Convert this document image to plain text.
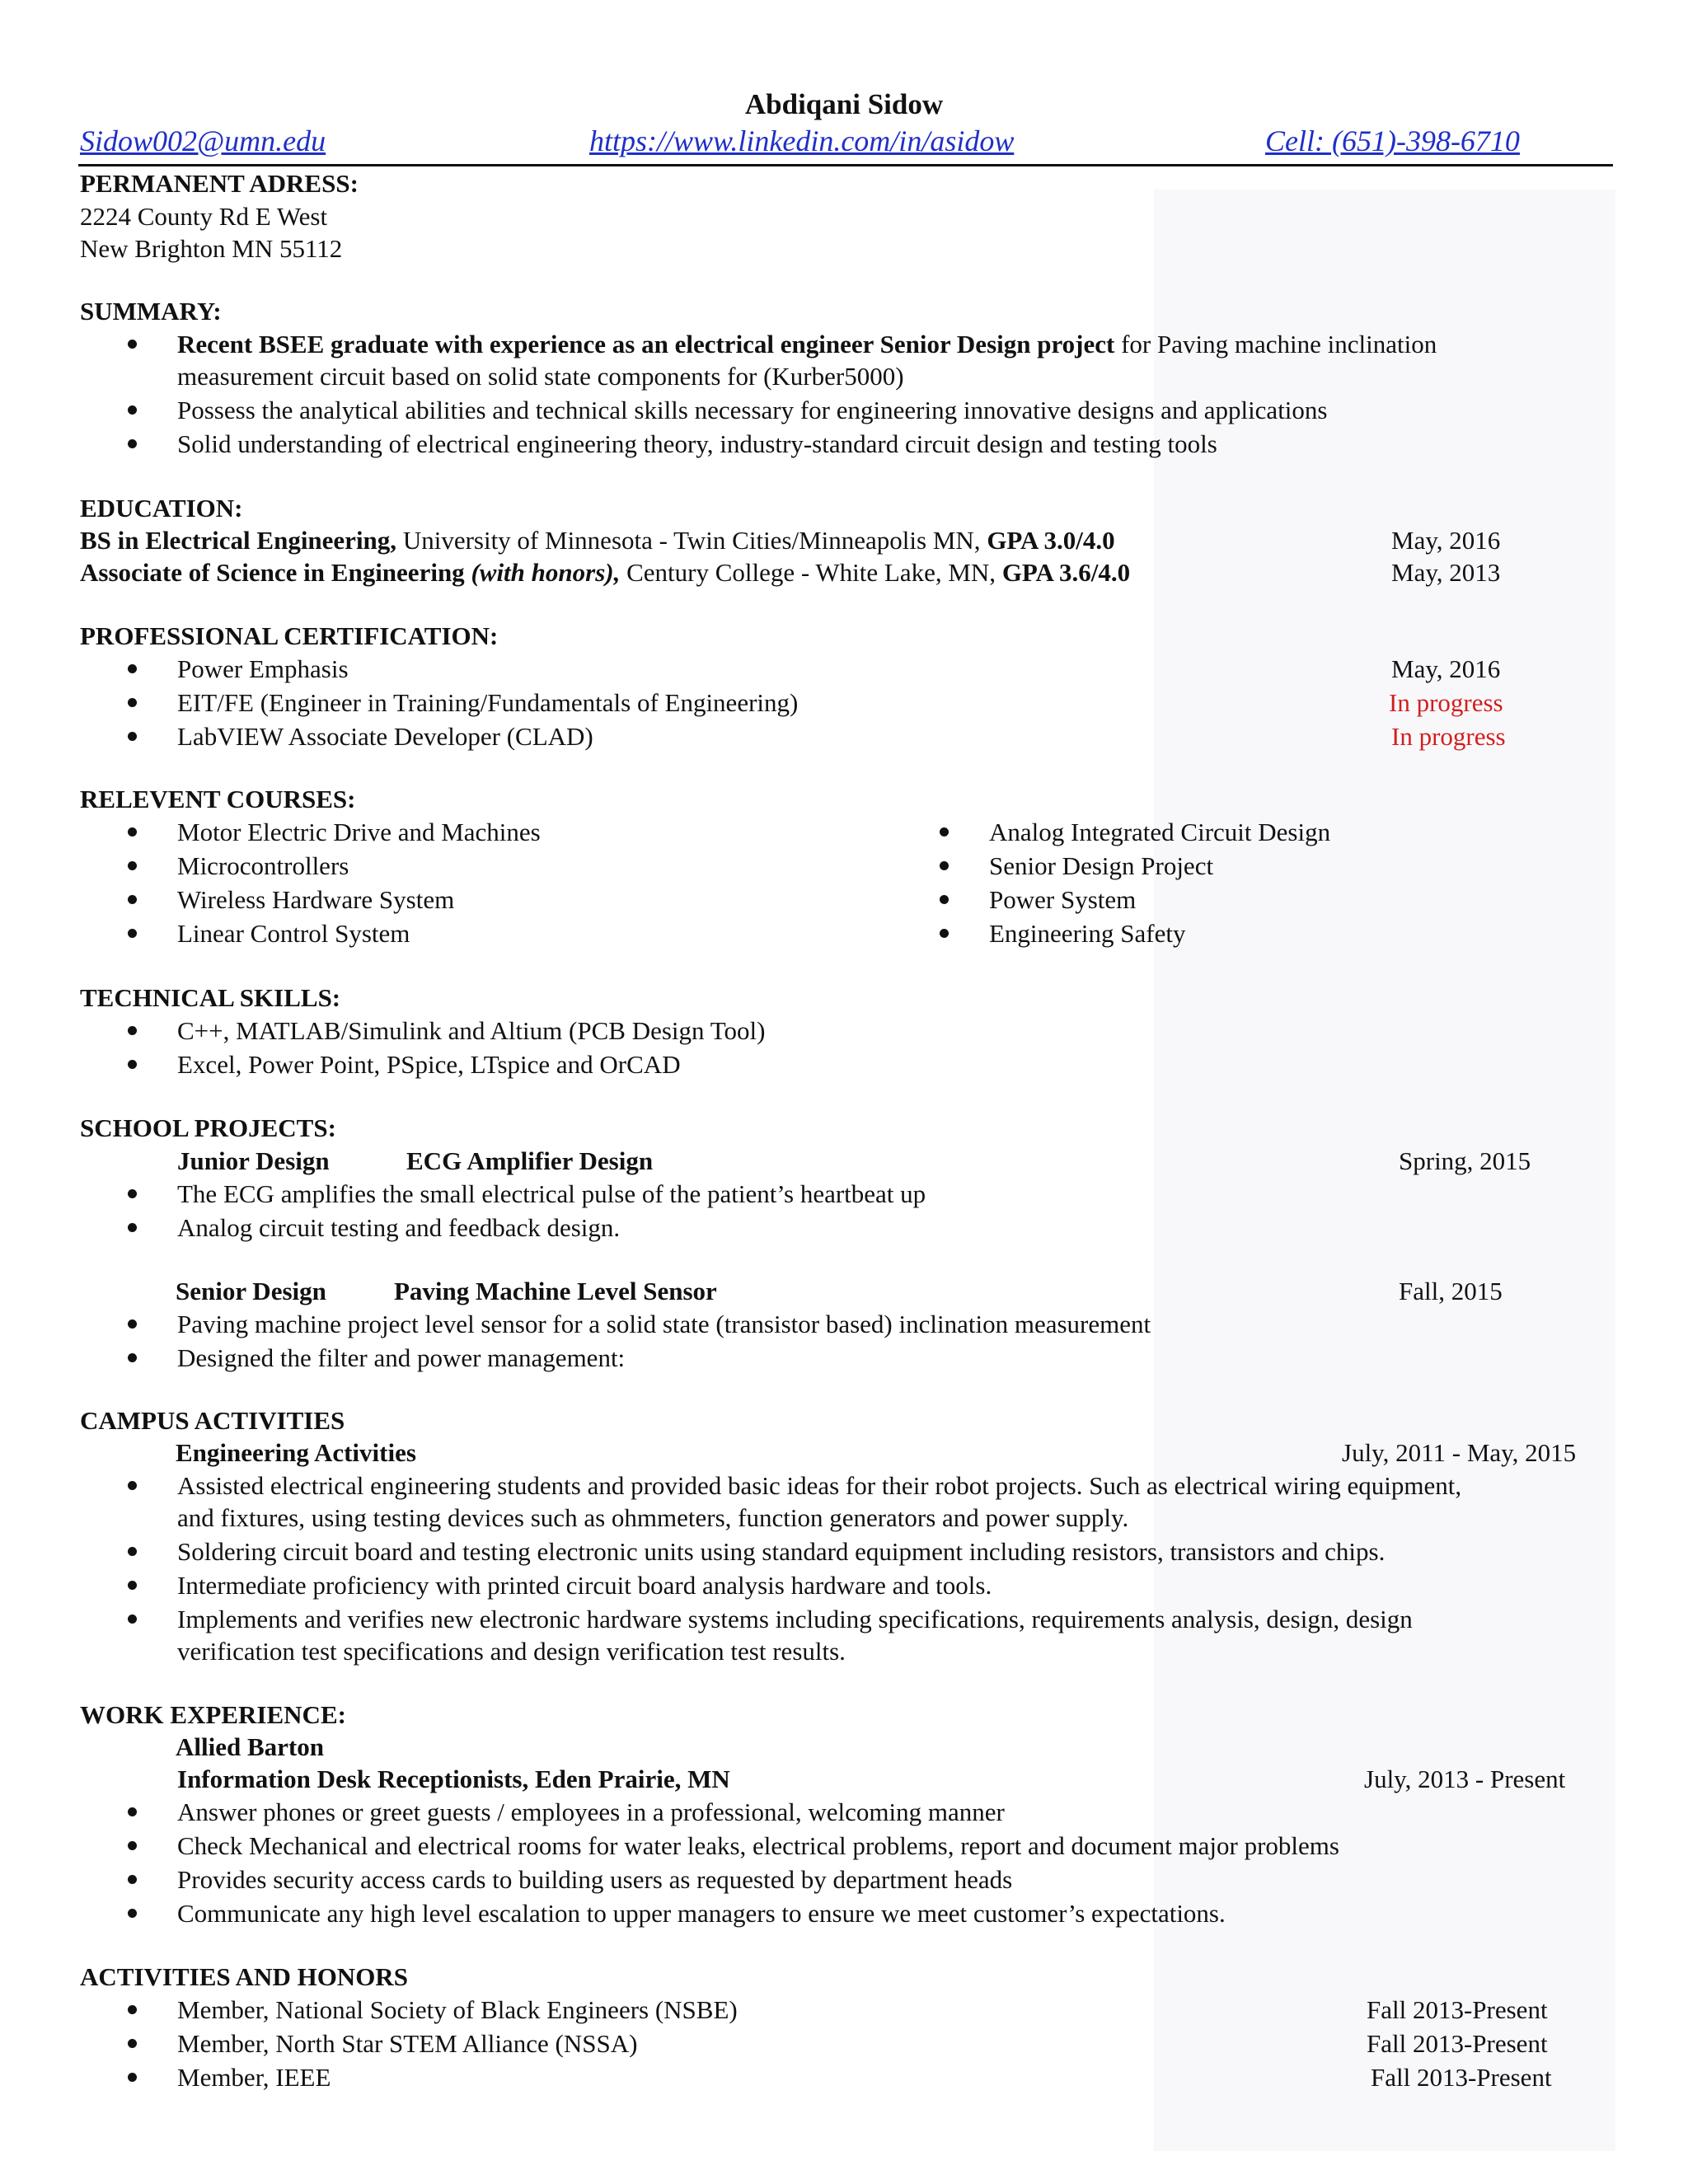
Abdiqani Sidow
Sidow002@umn.edu	https://www.linkedin.com/in/asidow	Cell: (651)-398-6710
PERMANENT ADRESS:
2224 County Rd E West
New Brighton MN 55112
SUMMARY:
Recent BSEE graduate with experience as an electrical engineer Senior Design project for Paving machine inclination
measurement circuit based on solid state components for (Kurber5000)
Possess the analytical abilities and technical skills necessary for engineering innovative designs and applications
Solid understanding of electrical engineering theory, industry-standard circuit design and testing tools
EDUCATION:
BS in Electrical Engineering, University of Minnesota - Twin Cities/Minneapolis MN, GPA 3.0/4.0	May, 2016
Associate of Science in Engineering (with honors), Century College - White Lake, MN, GPA 3.6/4.0	May, 2013
PROFESSIONAL CERTIFICATION:
Power Emphasis	May, 2016
EIT/FE (Engineer in Training/Fundamentals of Engineering)	In progress
LabVIEW Associate Developer (CLAD)	In progress
RELEVENT COURSES:
Motor Electric Drive and Machines
Microcontrollers
Wireless Hardware System
Linear Control System
Analog Integrated Circuit Design
Senior Design Project
Power System
Engineering Safety
TECHNICAL SKILLS:
C++, MATLAB/Simulink and Altium (PCB Design Tool)
Excel, Power Point, PSpice, LTspice and OrCAD
SCHOOL PROJECTS:
Junior Design	ECG Amplifier Design	Spring, 2015
The ECG amplifies the small electrical pulse of the patient’s heartbeat up
Analog circuit testing and feedback design.
Senior Design	Paving Machine Level Sensor	Fall, 2015
Paving machine project level sensor for a solid state (transistor based) inclination measurement
Designed the filter and power management:
CAMPUS ACTIVITIES
Engineering Activities	July, 2011 - May, 2015
Assisted electrical engineering students and provided basic ideas for their robot projects. Such as electrical wiring equipment,
and fixtures, using testing devices such as ohmmeters, function generators and power supply.
Soldering circuit board and testing electronic units using standard equipment including resistors, transistors and chips.
Intermediate proficiency with printed circuit board analysis hardware and tools.
Implements and verifies new electronic hardware systems including specifications, requirements analysis, design, design
verification test specifications and design verification test results.
WORK EXPERIENCE:
Allied Barton
Information Desk Receptionists, Eden Prairie, MN	July, 2013 - Present
Answer phones or greet guests / employees in a professional, welcoming manner
Check Mechanical and electrical rooms for water leaks, electrical problems, report and document major problems
Provides security access cards to building users as requested by department heads
Communicate any high level escalation to upper managers to ensure we meet customer’s expectations.
ACTIVITIES AND HONORS
Member, National Society of Black Engineers (NSBE)	Fall 2013-Present
Member, North Star STEM Alliance (NSSA)	Fall 2013-Present
Member, IEEE	Fall 2013-Present
